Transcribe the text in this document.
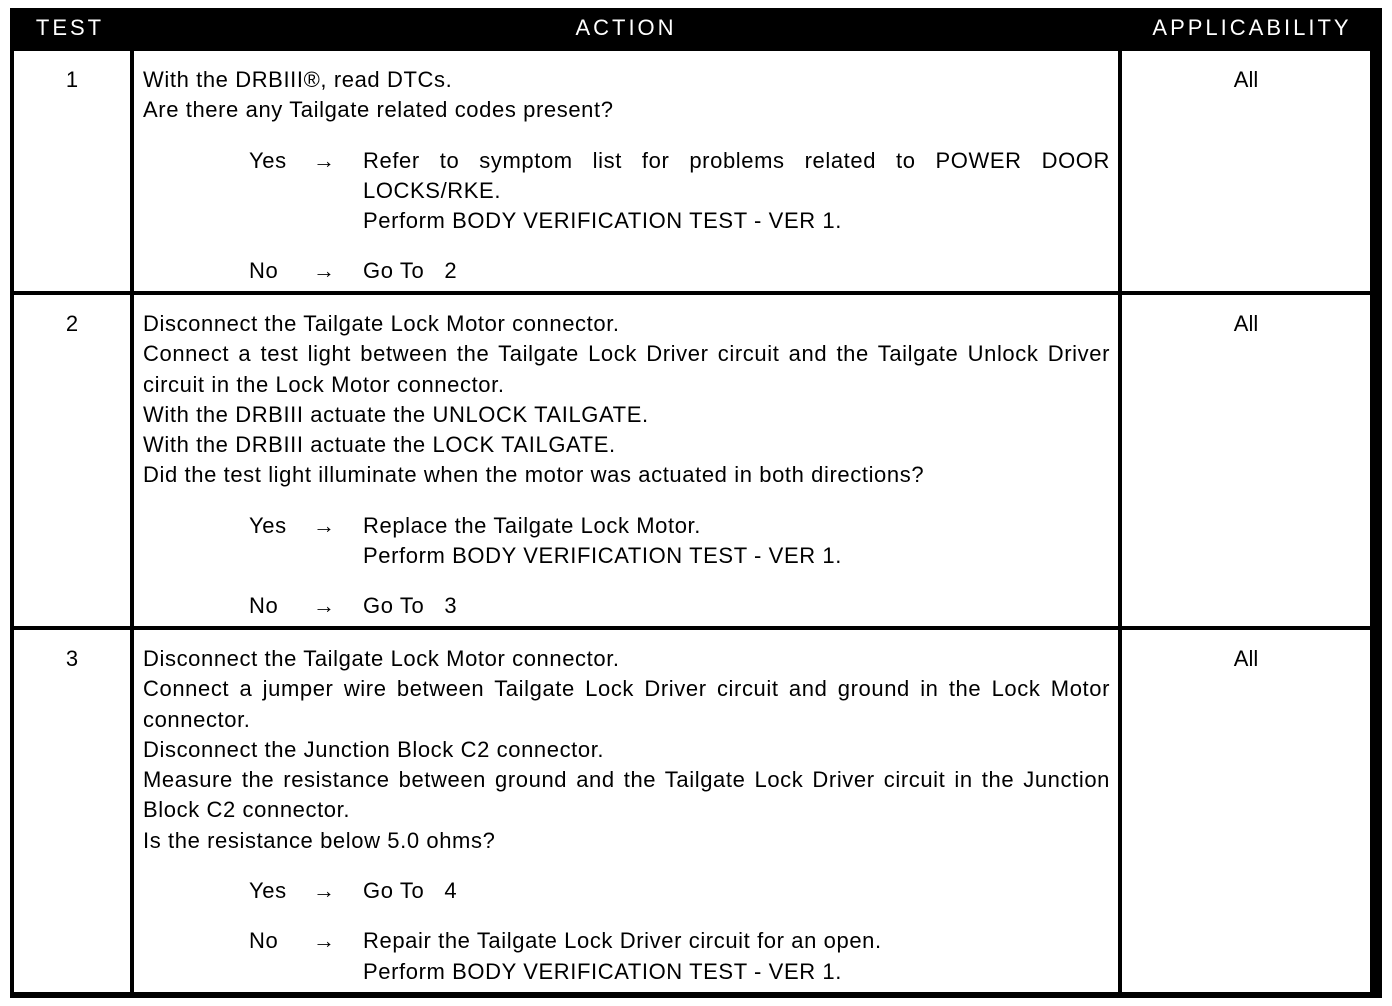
TEST	ACTION	APPLICABILITY
1	With the DRBIII®, read DTCs.
Are there any Tailgate related codes present?
Yes → Refer to symptom list for problems related to POWER DOOR LOCKS/RKE.
Perform BODY VERIFICATION TEST - VER 1.
No → Go To   2
All
2	Disconnect the Tailgate Lock Motor connector.
Connect a test light between the Tailgate Lock Driver circuit and the Tailgate Unlock Driver circuit in the Lock Motor connector.
With the DRBIII actuate the UNLOCK TAILGATE.
With the DRBIII actuate the LOCK TAILGATE.
Did the test light illuminate when the motor was actuated in both directions?
Yes → Replace the Tailgate Lock Motor.
Perform BODY VERIFICATION TEST - VER 1.
No → Go To   3
All
3	Disconnect the Tailgate Lock Motor connector.
Connect a jumper wire between Tailgate Lock Driver circuit and ground in the Lock Motor connector.
Disconnect the Junction Block C2 connector.
Measure the resistance between ground and the Tailgate Lock Driver circuit in the Junction Block C2 connector.
Is the resistance below 5.0 ohms?
Yes → Go To   4
No → Repair the Tailgate Lock Driver circuit for an open.
Perform BODY VERIFICATION TEST - VER 1.
All
